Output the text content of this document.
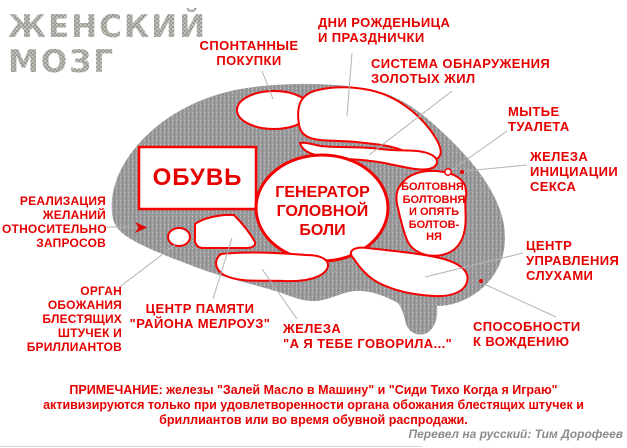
ЖЕНСКИЙ
МОЗГ	СПОНТАННЫЕ
ПОКУПКИ
ДНИ РОЖДЕНЬИЦА
И ПРАЗДНИЧКИ
СИСТЕМА ОБНАРУЖЕНИЯ
ЗОЛОТЫХ ЖИЛ
МЫТЬЕ
ТУАЛЕТА
ЖЕЛЕЗА
ИНИЦИАЦИИ
СЕКСА
ЦЕНТР
УПРАВЛЕНИЯ
СЛУХАМИ
СПОСОБНОСТИ
К ВОЖДЕНИЮ
РЕАЛИЗАЦИЯ
ЖЕЛАНИЙ
ОТНОСИТЕЛЬНО
ЗАПРОСОВ
ОРГАН
ОБОЖАНИЯ
БЛЕСТЯЩИХ
ШТУЧЕК И
БРИЛЛИАНТОВ
ЦЕНТР ПАМЯТИ
"РАЙОНА МЕЛРОУЗ" ЖЕЛЕЗА
"А Я ТЕБЕ ГОВОРИЛА..."
ОБУВЬ
ГЕНЕРАТОР
ГОЛОВНОЙ
БОЛИ
БОЛТОВНЯ,
БОЛТОВНЯ
И ОПЯТЬ
БОЛТОВ-
НЯ
ПРИМЕЧАНИЕ: железы "Залей Масло в Машину" и "Сиди Тихо Когда я Играю"
активизируются только при удовлетворенности органа обожания блестящих штучек и
бриллиантов или во время обувной распродажи.
Перевел на русский: Тим Дорофеев
